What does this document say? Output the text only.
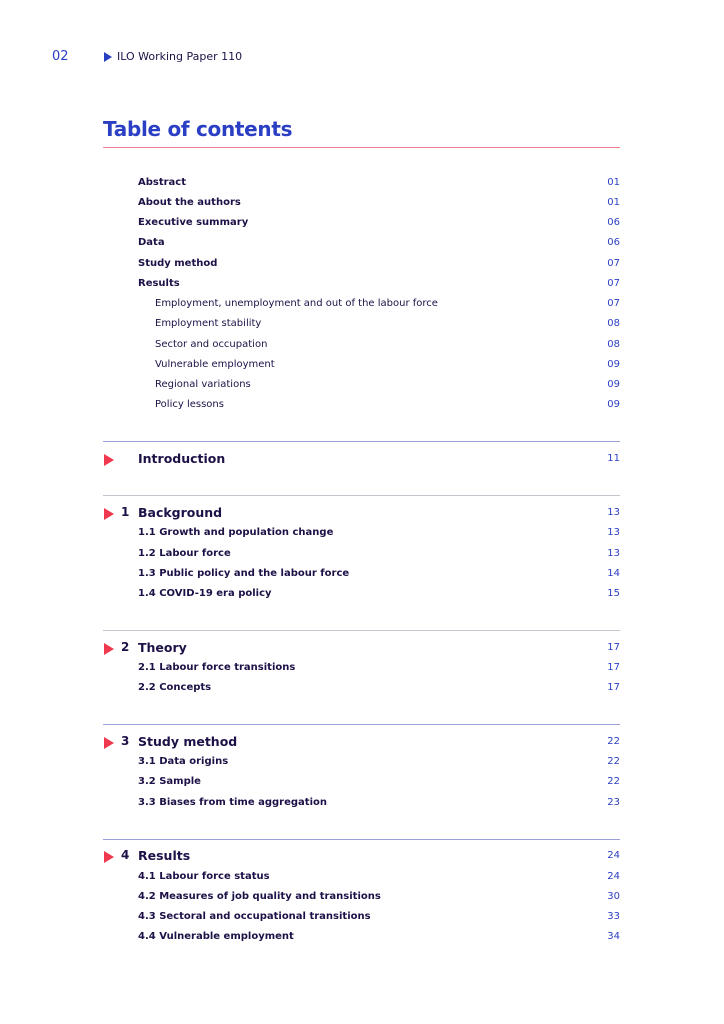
02	ILO Working Paper 110
Table of contents
Abstract	01
About the authors	01
Executive summary	06
Data	06
Study method	07
Results	07
Employment, unemployment and out of the labour force	07
Employment stability	08
Sector and occupation	08
Vulnerable employment	09
Regional variations	09
Policy lessons	09
Introduction	11
1 Background	13
1.1 Growth and population change	13
1.2 Labour force	13
1.3 Public policy and the labour force	14
1.4 COVID-19 era policy	15
2 Theory	17
2.1 Labour force transitions	17
2.2 Concepts	17
3 Study method	22
3.1 Data origins	22
3.2 Sample	22
3.3 Biases from time aggregation	23
4 Results	24
4.1 Labour force status	24
4.2 Measures of job quality and transitions	30
4.3 Sectoral and occupational transitions	33
4.4 Vulnerable employment	34
